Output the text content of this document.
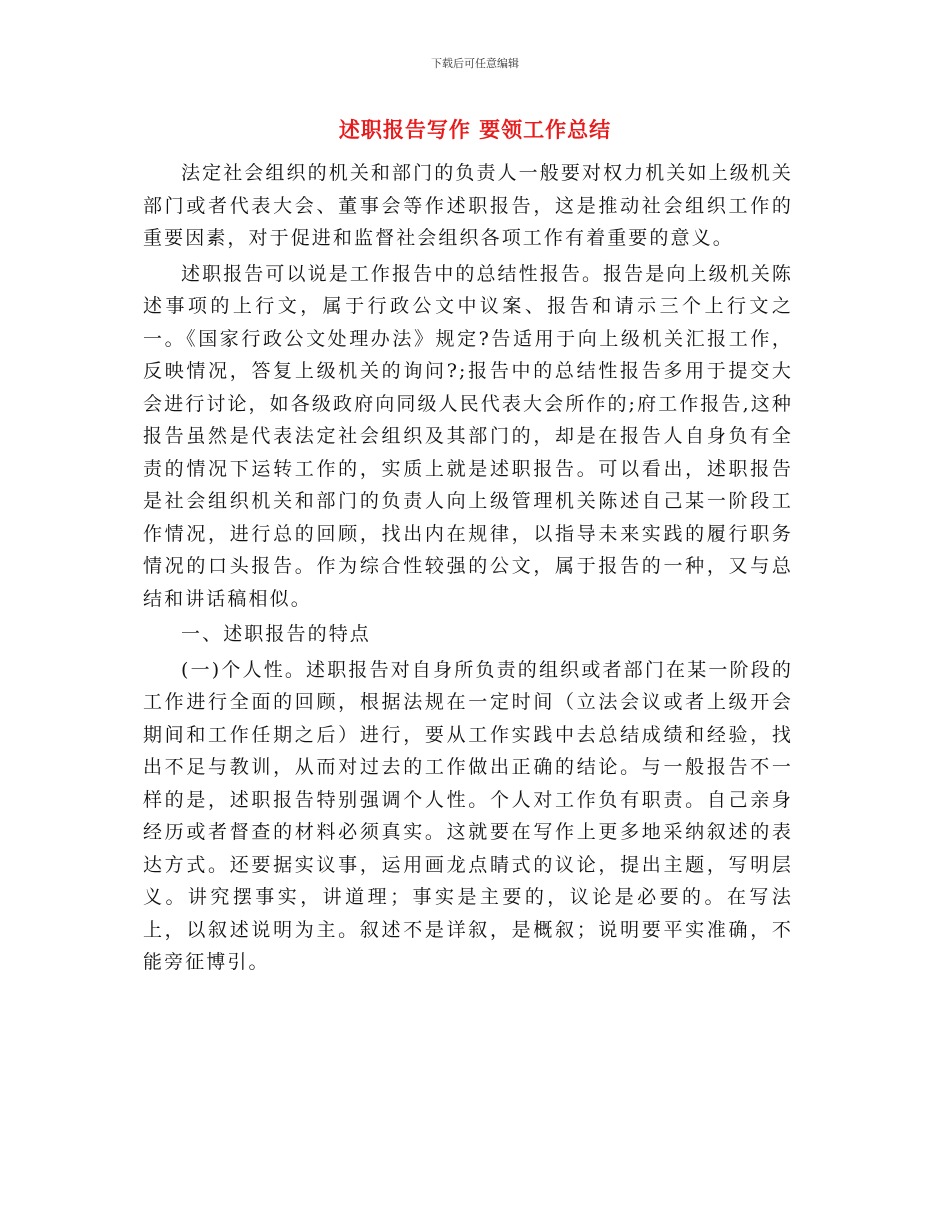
下载后可任意编辑
述职报告写作 要领工作总结

法定社会组织的机关和部门的负责人一般要对权力机关如上级机关部门或者代表大会、董事会等作述职报告，这是推动社会组织工作的重要因素，对于促进和监督社会组织各项工作有着重要的意义。

述职报告可以说是工作报告中的总结性报告。报告是向上级机关陈述事项的上行文，属于行政公文中议案、报告和请示三个上行文之一。《国家行政公文处理办法》规定?告适用于向上级机关汇报工作，反映情况，答复上级机关的询问?;报告中的总结性报告多用于提交大会进行讨论，如各级政府向同级人民代表大会所作的;府工作报告,这种报告虽然是代表法定社会组织及其部门的，却是在报告人自身负有全责的情况下运转工作的，实质上就是述职报告。可以看出，述职报告是社会组织机关和部门的负责人向上级管理机关陈述自己某一阶段工作情况，进行总的回顾，找出内在规律，以指导未来实践的履行职务情况的口头报告。作为综合性较强的公文，属于报告的一种，又与总结和讲话稿相似。

一、述职报告的特点

(一)个人性。述职报告对自身所负责的组织或者部门在某一阶段的工作进行全面的回顾，根据法规在一定时间（立法会议或者上级开会期间和工作任期之后）进行，要从工作实践中去总结成绩和经验，找出不足与教训，从而对过去的工作做出正确的结论。与一般报告不一样的是，述职报告特别强调个人性。个人对工作负有职责。自己亲身经历或者督查的材料必须真实。这就要在写作上更多地采纳叙述的表达方式。还要据实议事，运用画龙点睛式的议论，提出主题，写明层义。讲究摆事实，讲道理；事实是主要的，议论是必要的。在写法上，以叙述说明为主。叙述不是详叙，是概叙；说明要平实准确，不能旁征博引。
